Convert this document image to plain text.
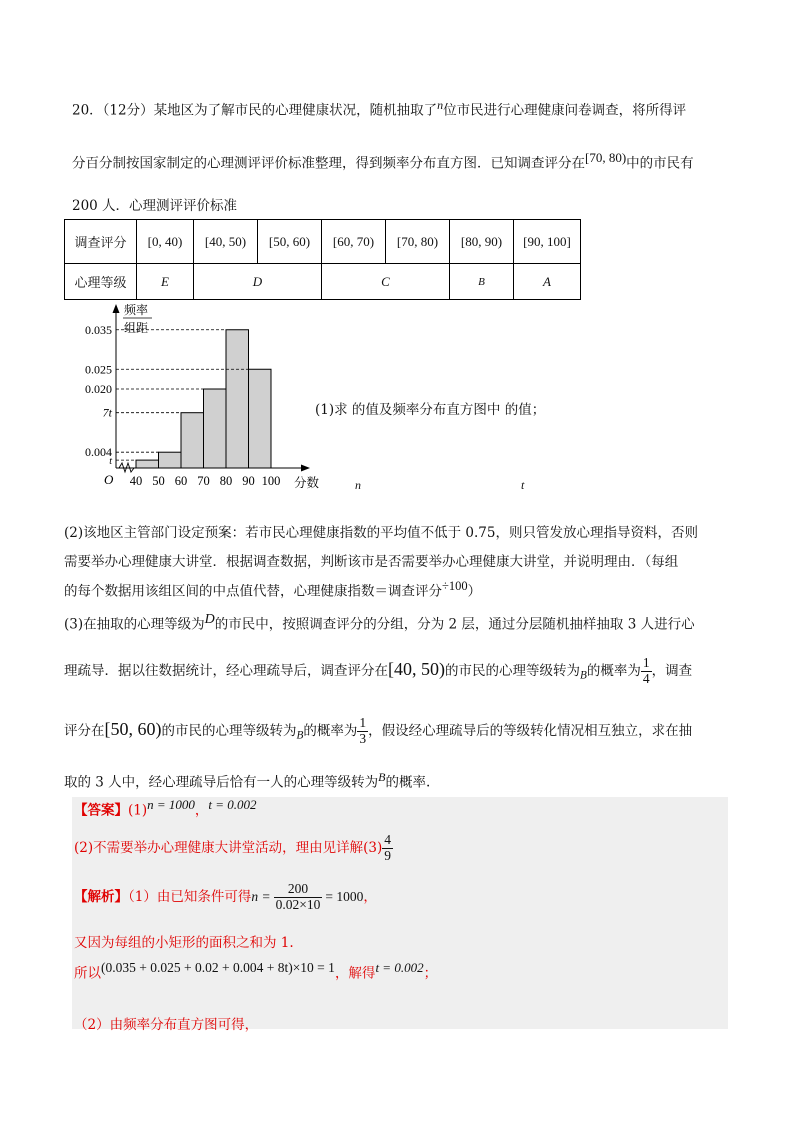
20．（12分）某地区为了解市民的心理健康状况，随机抽取了$^n$位市民进行心理健康问卷调查，将所得评
分百分制按国家制定的心理测评评价标准整理，得到频率分布直方图．已知调查评分在$^{[70, 80)}$中的市民有
200 人．心理测评评价标准
调查评分	[0, 40)	[40, 50)	[50, 60)	[60, 70)	[70, 80)	[80, 90)	[90, 100]
心理等级	E	D		C		B	A
频率
组距
分数
O
0.035
0.025
0.020
7t
0.004
t
40 50 60 70 80 90 100
(1)求 的值及频率分布直方图中 的值；
n	t
(2)该地区主管部门设定预案：若市民心理健康指数的平均值不低于 0.75，则只管发放心理指导资料，否则
需要举办心理健康大讲堂．根据调查数据，判断该市是否需要举办心理健康大讲堂，并说明理由．（每组
的每个数据用该组区间的中点值代替，心理健康指数＝调查评分$^{\div 100}$）
(3)在抽取的心理等级为$^D$的市民中，按照调查评分的分组，分为 2 层，通过分层随机抽样抽取 3 人进行心
理疏导．据以往数据统计，经心理疏导后，调查评分在[40, 50)的市民的心理等级转为$_B$的概率为 $\frac{1}{4}$ ，调查
评分在[50, 60)的市民的心理等级转为$_B$的概率为 $\frac{1}{3}$ ，假设经心理疏导后的等级转化情况相互独立，求在抽
取的 3 人中，经心理疏导后恰有一人的心理等级转为$^B$的概率.
【答案】$(1)^{n = 1000}$，$^{t = 0.002}$
(2)不需要举办心理健康大讲堂活动，理由见详解$(3) \frac{4}{9}$
【解析】（1）由已知条件可得$n = \frac{200}{0.02\times 10} = 1000$，
又因为每组的小矩形的面积之和为 1.
所以$^{(0.035 + 0.025 + 0.02 + 0.004 + 8t)\times 10 = 1}$，解得$^{t = 0.002}$；
（2）由频率分布直方图可得，
